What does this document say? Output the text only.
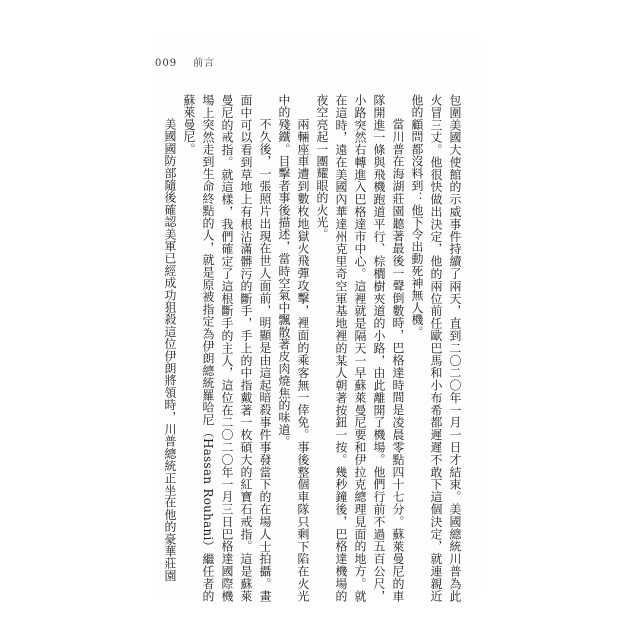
009 前言

包圍美國大使館的示威事件持續了兩天，直到二〇二〇年一月一日才結束。美國總統川普為此火冒三丈。他很快做出決定，他的兩位前任歐巴馬和小布希都遲遲不敢下這個決定，就連親近他的顧問都沒料到：他下令出動死神無人機。

當川普在海湖莊園聽著最後一聲倒數時，巴格達時間是凌晨零點四十七分。蘇萊曼尼的車隊開進一條與飛機跑道平行、棕櫚樹夾道的小路，由此離開了機場。他們行前不過五百公尺，小路突然右轉進入巴格達市中心。這裡就是隔天一早蘇萊曼尼要和伊拉克總理見面的地方。就在這時，遠在美國內華達州克里奇空軍基地裡的某人朝著按鈕一按。幾秒鐘後，巴格達機場的夜空亮起一團耀眼的火光。

兩輛座車遭到數枚地獄火飛彈攻擊，裡面的乘客無一倖免。事後整個車隊只剩下陷在火光中的殘鐵。目擊者事後描述，當時空氣中飄散著皮肉燒焦的味道。

不久後，一張照片出現在世人面前，明顯是由這起暗殺事件事發當下的在場人士拍攝。畫面中可以看到草地上有根沾滿髒污的斷手，手上的中指戴著一枚碩大的紅寶石戒指。這是蘇萊曼尼的戒指。就這樣，我們確定了這根斷手的主人，這位在二〇二〇年一月三日巴格達國際機場上突然走到生命終點的人，就是原被指定為伊朗總統羅哈尼（Hassan Rouhani）繼任者的蘇萊曼尼。

美國國防部隨後確認美軍已經成功狙殺這位伊朗將領時，川普總統正坐在他的豪華莊園
